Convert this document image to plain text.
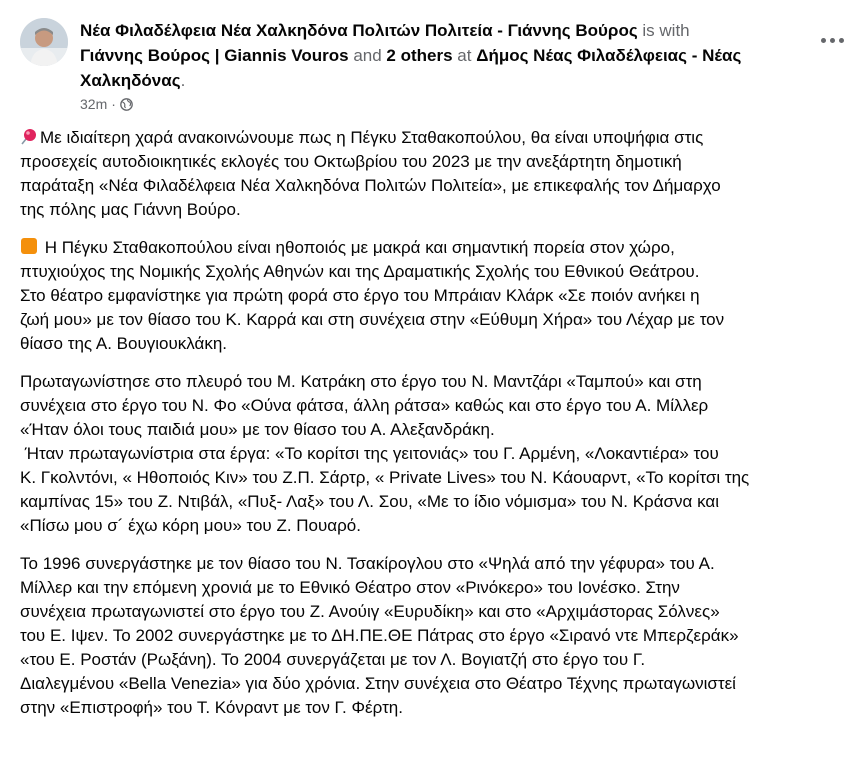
Νέα Φιλαδέλφεια Νέα Χαλκηδόνα Πολιτών Πολιτεία - Γιάννης Βούρος is with
Γιάννης Βούρος | Giannis Vouros and 2 others at Δήμος Νέας Φιλαδέλφειας - Νέας
Χαλκηδόνας.
32m ·

Με ιδιαίτερη χαρά ανακοινώνουμε πως η Πέγκυ Σταθακοπούλου, θα είναι υποψήφια στις
προσεχείς αυτοδιοικητικές εκλογές του Οκτωβρίου του 2023 με την ανεξάρτητη δημοτική
παράταξη «Νέα Φιλαδέλφεια Νέα Χαλκηδόνα Πολιτών Πολιτεία», με επικεφαλής τον Δήμαρχο
της πόλης μας Γιάννη Βούρο.

Η Πέγκυ Σταθακοπούλου είναι ηθοποιός με μακρά και σημαντική πορεία στον χώρο,
πτυχιούχος της Νομικής Σχολής Αθηνών και της Δραματικής Σχολής του Εθνικού Θεάτρου.
Στο θέατρο εμφανίστηκε για πρώτη φορά στο έργο του Μπράιαν Κλάρκ «Σε ποιόν ανήκει η
ζωή μου» με τον θίασο του Κ. Καρρά και στη συνέχεια στην «Εύθυμη Χήρα» του Λέχαρ με τον
θίασο της Α. Βουγιουκλάκη.

Πρωταγωνίστησε στο πλευρό του Μ. Κατράκη στο έργο του Ν. Μαντζάρι «Ταμπού» και στη
συνέχεια στο έργο του Ν. Φο «Ούνα φάτσα, άλλη ράτσα» καθώς και στο έργο του Α. Μίλλερ
«Ήταν όλοι τους παιδιά μου» με τον θίασο του Α. Αλεξανδράκη.
Ήταν πρωταγωνίστρια στα έργα: «Το κορίτσι της γειτονιάς» του Γ. Αρμένη, «Λοκαντιέρα» του
Κ. Γκολντόνι, « Ηθοποιός Κιν» του Ζ.Π. Σάρτρ, « Private Lives» του Ν. Κάουαρντ, «Το κορίτσι της
καμπίνας 15» του Ζ. Ντιβάλ, «Πυξ- Λαξ» του Λ. Σου, «Με το ίδιο νόμισμα» του Ν. Κράσνα και
«Πίσω μου σ´ έχω κόρη μου» του Ζ. Πουαρό.

Το 1996 συνεργάστηκε με τον θίασο του Ν. Τσακίρογλου στο «Ψηλά από την γέφυρα» του Α.
Μίλλερ και την επόμενη χρονιά με το Εθνικό Θέατρο στον «Ρινόκερο» του Ιονέσκο. Στην
συνέχεια πρωταγωνιστεί στο έργο του Ζ. Ανούιγ «Ευρυδίκη» και στο «Αρχιμάστορας Σόλνες»
του Ε. Ιψεν. Το 2002 συνεργάστηκε με το ΔΗ.ΠΕ.ΘΕ Πάτρας στο έργο «Σιρανό ντε Μπερζεράκ»
«του Ε. Ροστάν (Ρωξάνη). Το 2004 συνεργάζεται με τον Λ. Βογιατζή στο έργο του Γ.
Διαλεγμένου «Bella Venezia» για δύο χρόνια. Στην συνέχεια στο Θέατρο Τέχνης πρωταγωνιστεί
στην «Επιστροφή» του Τ. Κόνραντ με τον Γ. Φέρτη.
